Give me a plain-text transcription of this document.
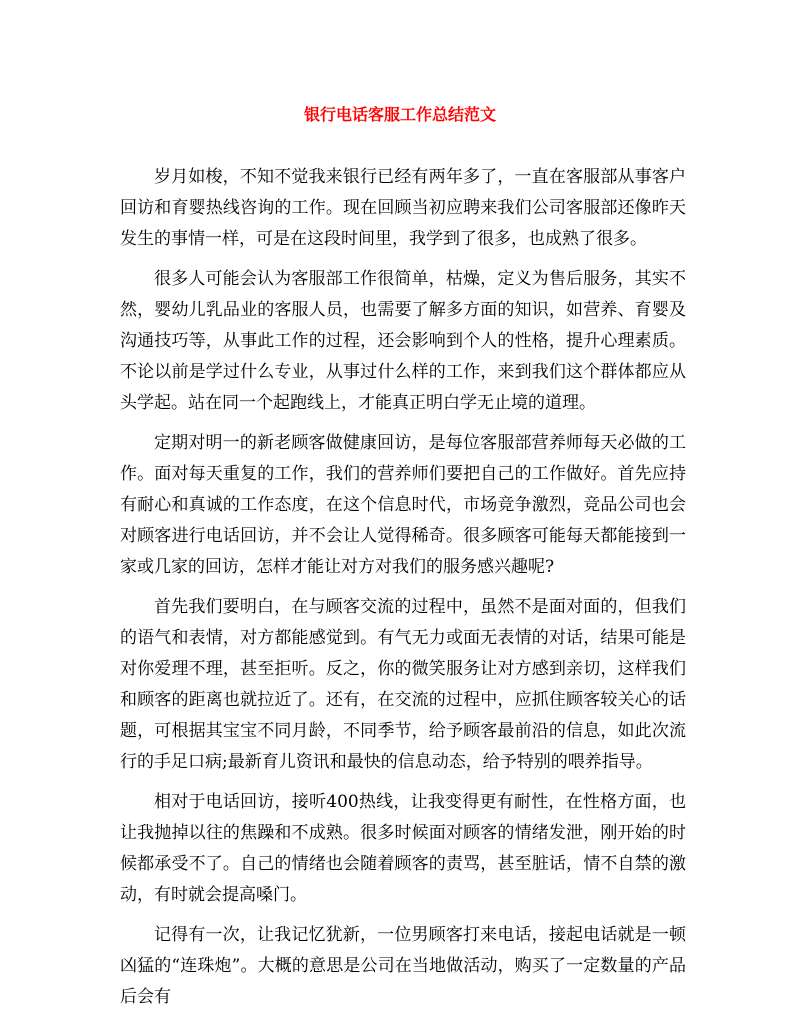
银行电话客服工作总结范文

岁月如梭，不知不觉我来银行已经有两年多了，一直在客服部从事客户回访和育婴热线咨询的工作。现在回顾当初应聘来我们公司客服部还像昨天发生的事情一样，可是在这段时间里，我学到了很多，也成熟了很多。

很多人可能会认为客服部工作很简单，枯燥，定义为售后服务，其实不然，婴幼儿乳品业的客服人员，也需要了解多方面的知识，如营养、育婴及沟通技巧等，从事此工作的过程，还会影响到个人的性格，提升心理素质。不论以前是学过什么专业，从事过什么样的工作，来到我们这个群体都应从头学起。站在同一个起跑线上，才能真正明白学无止境的道理。

定期对明一的新老顾客做健康回访，是每位客服部营养师每天必做的工作。面对每天重复的工作，我们的营养师们要把自己的工作做好。首先应持有耐心和真诚的工作态度，在这个信息时代，市场竞争激烈，竞品公司也会对顾客进行电话回访，并不会让人觉得稀奇。很多顾客可能每天都能接到一家或几家的回访，怎样才能让对方对我们的服务感兴趣呢?

首先我们要明白，在与顾客交流的过程中，虽然不是面对面的，但我们的语气和表情，对方都能感觉到。有气无力或面无表情的对话，结果可能是对你爱理不理，甚至拒听。反之，你的微笑服务让对方感到亲切，这样我们和顾客的距离也就拉近了。还有，在交流的过程中，应抓住顾客较关心的话题，可根据其宝宝不同月龄，不同季节，给予顾客最前沿的信息，如此次流行的手足口病;最新育儿资讯和最快的信息动态，给予特别的喂养指导。

相对于电话回访，接听400热线，让我变得更有耐性，在性格方面，也让我抛掉以往的焦躁和不成熟。很多时候面对顾客的情绪发泄，刚开始的时候都承受不了。自己的情绪也会随着顾客的责骂，甚至脏话，情不自禁的激动，有时就会提高嗓门。

记得有一次，让我记忆犹新，一位男顾客打来电话，接起电话就是一顿凶猛的“连珠炮”。大概的意思是公司在当地做活动，购买了一定数量的产品后会有
